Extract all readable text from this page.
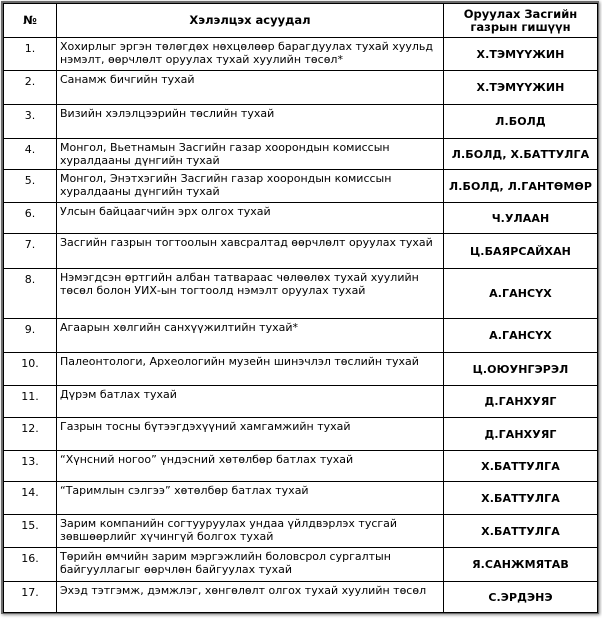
№	Хэлэлцэх асуудал	Оруулах Засгийн газрын гишүүн
1.	Хохирлыг эргэн төлөгдөх нөхцөлөөр барагдуулах тухай хуульд нэмэлт, өөрчлөлт оруулах тухай хуулийн төсөл*	Х.ТЭМҮҮЖИН
2.	Санамж бичгийн тухай	Х.ТЭМҮҮЖИН
3.	Визийн хэлэлцээрийн төслийн тухай	Л.БОЛД
4.	Монгол, Вьетнамын Засгийн газар хоорондын комиссын хуралдааны дүнгийн тухай	Л.БОЛД, Х.БАТТУЛГА
5.	Монгол, Энэтхэгийн Засгийн газар хоорондын комиссын хуралдааны дүнгийн тухай	Л.БОЛД, Л.ГАНТӨМӨР
6.	Улсын байцаагчийн эрх олгох тухай	Ч.УЛААН
7.	Засгийн газрын тогтоолын хавсралтад өөрчлөлт оруулах тухай	Ц.БАЯРСАЙХАН
8.	Нэмэгдсэн өртгийн албан татвараас чөлөөлөх тухай хуулийн төсөл болон УИХ-ын тогтоолд нэмэлт оруулах тухай	А.ГАНСҮХ
9.	Агаарын хөлгийн санхүүжилтийн тухай*	А.ГАНСҮХ
10.	Палеонтологи, Археологийн музейн шинэчлэл төслийн тухай	Ц.ОЮУНГЭРЭЛ
11.	Дүрэм батлах тухай	Д.ГАНХУЯГ
12.	Газрын тосны бүтээгдэхүүний хамгамжийн тухай	Д.ГАНХУЯГ
13.	“Хүнсний ногоо” үндэсний хөтөлбөр батлах тухай	Х.БАТТУЛГА
14.	“Таримлын сэлгээ” хөтөлбөр батлах тухай	Х.БАТТУЛГА
15.	Зарим компанийн согтууруулах ундаа үйлдвэрлэх тусгай зөвшөөрлийг хүчингүй болгох тухай	Х.БАТТУЛГА
16.	Төрийн өмчийн зарим мэргэжлийн боловсрол сургалтын байгууллагыг өөрчлөн байгуулах тухай	Я.САНЖМЯТАВ
17.	Эхэд тэтгэмж, дэмжлэг, хөнгөлөлт олгох тухай хуулийн төсөл	С.ЭРДЭНЭ
